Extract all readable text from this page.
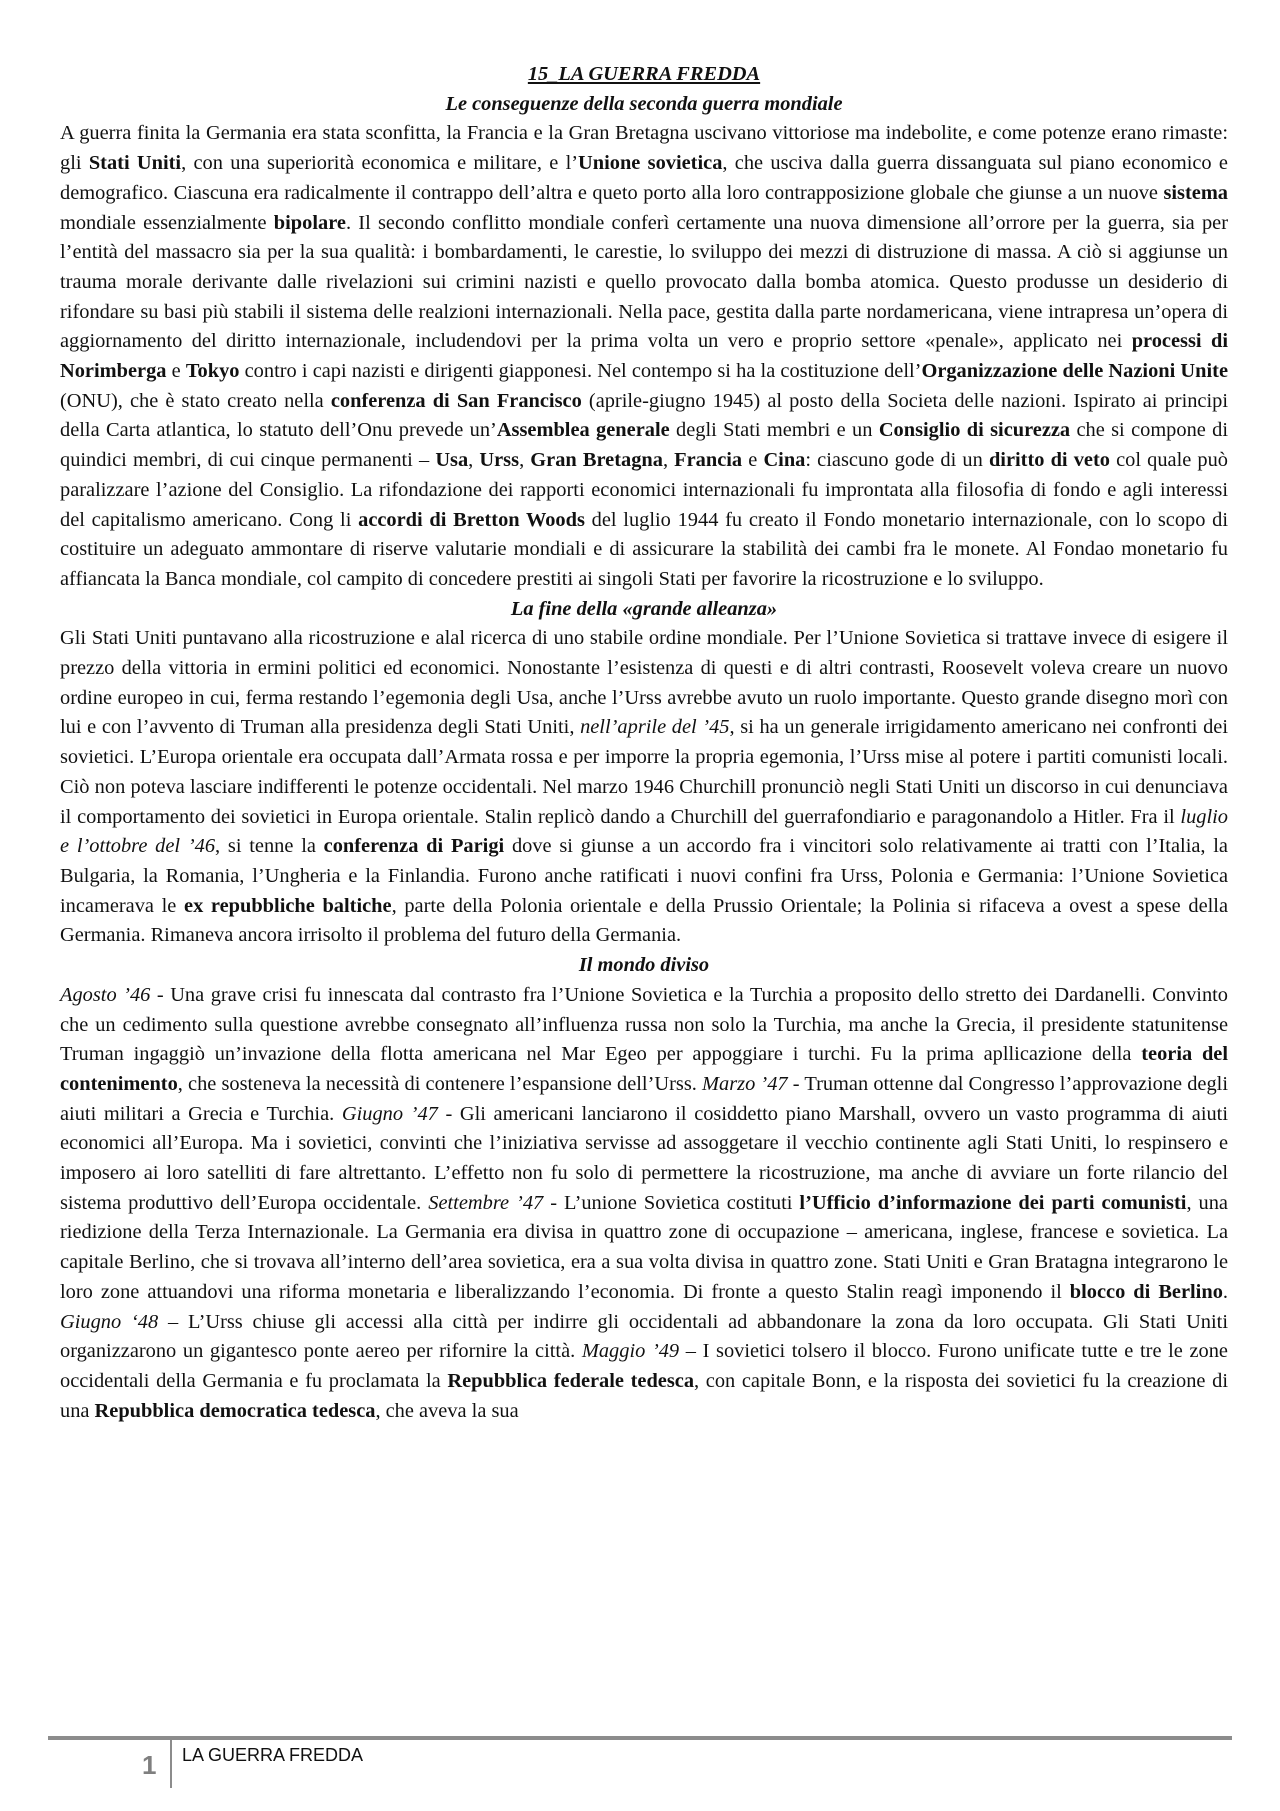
15_LA GUERRA FREDDA
Le conseguenze della seconda guerra mondiale

A guerra finita la Germania era stata sconfitta, la Francia e la Gran Bretagna uscivano vittoriose ma indebolite, e come potenze erano rimaste: gli Stati Uniti, con una superiorità economica e militare, e l’Unione sovietica, che usciva dalla guerra dissanguata sul piano economico e demografico. Ciascuna era radicalmente il contrappo dell’altra e queto porto alla loro contrapposizione globale che giunse a un nuove sistema mondiale essenzialmente bipolare. Il secondo conflitto mondiale conferì certamente una nuova dimensione all’orrore per la guerra, sia per l’entità del massacro sia per la sua qualità: i bombardamenti, le carestie, lo sviluppo dei mezzi di distruzione di massa. A ciò si aggiunse un trauma morale derivante dalle rivelazioni sui crimini nazisti e quello provocato dalla bomba atomica. Questo produsse un desiderio di rifondare su basi più stabili il sistema delle realzioni internazionali. Nella pace, gestita dalla parte nordamericana, viene intrapresa un’opera di aggiornamento del diritto internazionale, includendovi per la prima volta un vero e proprio settore «penale», applicato nei processi di Norimberga e Tokyo contro i capi nazisti e dirigenti giapponesi. Nel contempo si ha la costituzione dell’Organizzazione delle Nazioni Unite (ONU), che è stato creato nella conferenza di San Francisco (aprile-giugno 1945) al posto della Societa delle nazioni. Ispirato ai principi della Carta atlantica, lo statuto dell’Onu prevede un’Assemblea generale degli Stati membri e un Consiglio di sicurezza che si compone di quindici membri, di cui cinque permanenti – Usa, Urss, Gran Bretagna, Francia e Cina: ciascuno gode di un diritto di veto col quale può paralizzare l’azione del Consiglio. La rifondazione dei rapporti economici internazionali fu improntata alla filosofia di fondo e agli interessi del capitalismo americano. Cong li accordi di Bretton Woods del luglio 1944 fu creato il Fondo monetario internazionale, con lo scopo di costituire un adeguato ammontare di riserve valutarie mondiali e di assicurare la stabilità dei cambi fra le monete. Al Fondao monetario fu affiancata la Banca mondiale, col campito di concedere prestiti ai singoli Stati per favorire la ricostruzione e lo sviluppo.

La fine della «grande alleanza»

Gli Stati Uniti puntavano alla ricostruzione e alal ricerca di uno stabile ordine mondiale. Per l’Unione Sovietica si trattave invece di esigere il prezzo della vittoria in ermini politici ed economici. Nonostante l’esistenza di questi e di altri contrasti, Roosevelt voleva creare un nuovo ordine europeo in cui, ferma restando l’egemonia degli Usa, anche l’Urss avrebbe avuto un ruolo importante. Questo grande disegno morì con lui e con l’avvento di Truman alla presidenza degli Stati Uniti, nell’aprile del ’45, si ha un generale irrigidamento americano nei confronti dei sovietici. L’Europa orientale era occupata dall’Armata rossa e per imporre la propria egemonia, l’Urss mise al potere i partiti comunisti locali. Ciò non poteva lasciare indifferenti le potenze occidentali. Nel marzo 1946 Churchill pronunciò negli Stati Uniti un discorso in cui denunciava il comportamento dei sovietici in Europa orientale. Stalin replicò dando a Churchill del guerrafondiario e paragonandolo a Hitler. Fra il luglio e l’ottobre del ’46, si tenne la conferenza di Parigi dove si giunse a un accordo fra i vincitori solo relativamente ai tratti con l’Italia, la Bulgaria, la Romania, l’Ungheria e la Finlandia. Furono anche ratificati i nuovi confini fra Urss, Polonia e Germania: l’Unione Sovietica incamerava le ex repubbliche baltiche, parte della Polonia orientale e della Prussio Orientale; la Polinia si rifaceva a ovest a spese della Germania. Rimaneva ancora irrisolto il problema del futuro della Germania.

Il mondo diviso

Agosto ’46 - Una grave crisi fu innescata dal contrasto fra l’Unione Sovietica e la Turchia a proposito dello stretto dei Dardanelli. Convinto che un cedimento sulla questione avrebbe consegnato all’influenza russa non solo la Turchia, ma anche la Grecia, il presidente statunitense Truman ingaggiò un’invazione della flotta americana nel Mar Egeo per appoggiare i turchi. Fu la prima apllicazione della teoria del contenimento, che sosteneva la necessità di contenere l’espansione dell’Urss. Marzo ’47 - Truman ottenne dal Congresso l’approvazione degli aiuti militari a Grecia e Turchia. Giugno ’47 - Gli americani lanciarono il cosiddetto piano Marshall, ovvero un vasto programma di aiuti economici all’Europa. Ma i sovietici, convinti che l’iniziativa servisse ad assoggetare il vecchio continente agli Stati Uniti, lo respinsero e imposero ai loro satelliti di fare altrettanto. L’effetto non fu solo di permettere la ricostruzione, ma anche di avviare un forte rilancio del sistema produttivo dell’Europa occidentale. Settembre ’47 - L’unione Sovietica costituti l’Ufficio d’informazione dei parti comunisti, una riedizione della Terza Internazionale. La Germania era divisa in quattro zone di occupazione – americana, inglese, francese e sovietica. La capitale Berlino, che si trovava all’interno dell’area sovietica, era a sua volta divisa in quattro zone. Stati Uniti e Gran Bratagna integrarono le loro zone attuandovi una riforma monetaria e liberalizzando l’economia. Di fronte a questo Stalin reagì imponendo il blocco di Berlino. Giugno ‘48 – L’Urss chiuse gli accessi alla città per indirre gli occidentali ad abbandonare la zona da loro occupata. Gli Stati Uniti organizzarono un gigantesco ponte aereo per rifornire la città. Maggio ’49 – I sovietici tolsero il blocco. Furono unificate tutte e tre le zone occidentali della Germania e fu proclamata la Repubblica federale tedesca, con capitale Bonn, e la risposta dei sovietici fu la creazione di una Repubblica democratica tedesca, che aveva la sua

1 LA GUERRA FREDDA
